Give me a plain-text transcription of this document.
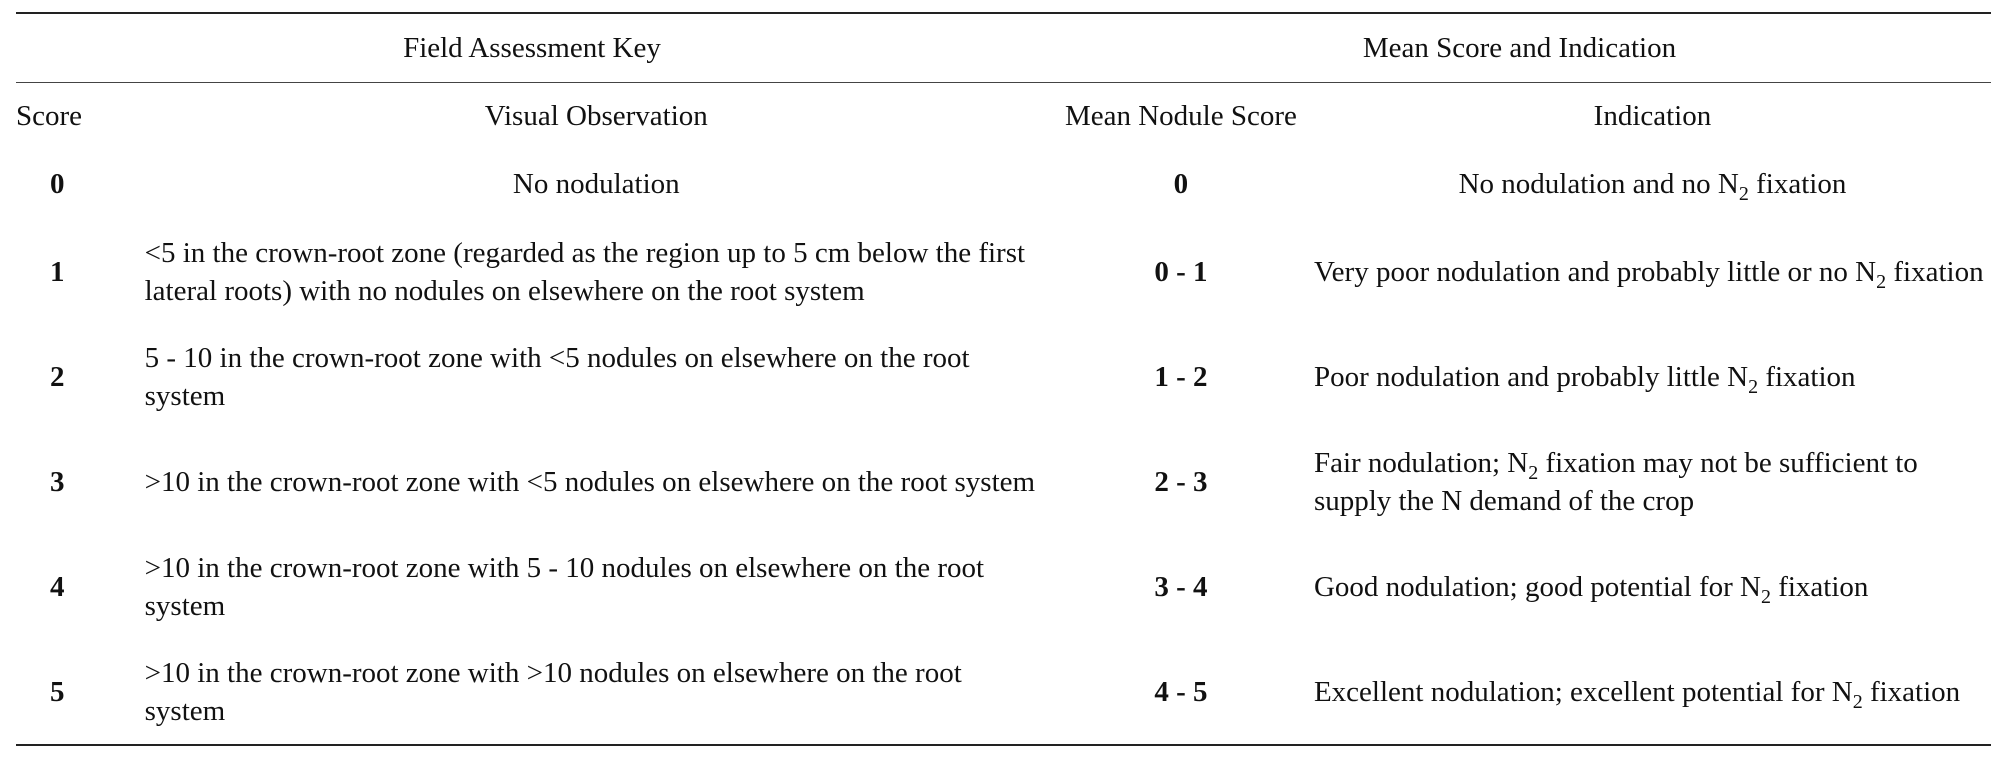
Field Assessment Key		Mean Score and Indication	
Score	Visual Observation	Mean Nodule Score	Indication
0	No nodulation	0	No nodulation and no $N_2$ fixation
1	<5 in the crown-root zone (regarded as the region up to 5 cm below the first lateral roots) with no nodules on elsewhere on the root system	0 - 1	Very poor nodulation and probably little or no $N_2$ fixation
2	5 - 10 in the crown-root zone with <5 nodules on elsewhere on the root system	1 - 2	Poor nodulation and probably little $N_2$ fixation
3	>10 in the crown-root zone with <5 nodules on elsewhere on the root system	2 - 3	Fair nodulation; $N_2$ fixation may not be sufficient to supply the N demand of the crop
4	>10 in the crown-root zone with 5 - 10 nodules on elsewhere on the root system	3 - 4	Good nodulation; good potential for $N_2$ fixation
5	>10 in the crown-root zone with >10 nodules on elsewhere on the root system	4 - 5	Excellent nodulation; excellent potential for $N_2$ fixation
